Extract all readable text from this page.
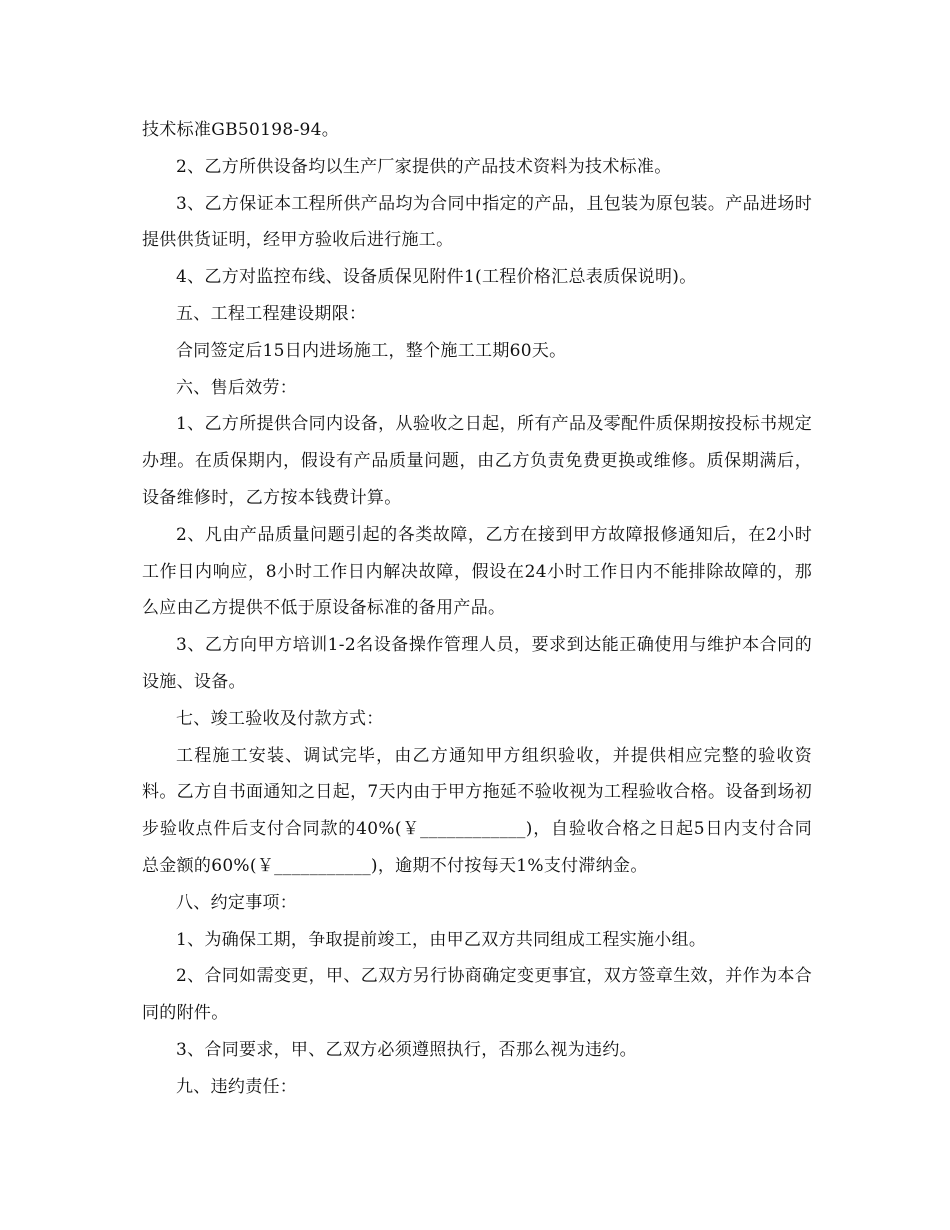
技术标准GB50198-94。

2、乙方所供设备均以生产厂家提供的产品技术资料为技术标准。

3、乙方保证本工程所供产品均为合同中指定的产品，且包装为原包装。产品进场时提供供货证明，经甲方验收后进行施工。

4、乙方对监控布线、设备质保见附件1(工程价格汇总表质保说明)。

五、工程工程建设期限：

合同签定后15日内进场施工，整个施工工期60天。

六、售后效劳：

1、乙方所提供合同内设备，从验收之日起，所有产品及零配件质保期按投标书规定办理。在质保期内，假设有产品质量问题，由乙方负责免费更换或维修。质保期满后，设备维修时，乙方按本钱费计算。

2、凡由产品质量问题引起的各类故障，乙方在接到甲方故障报修通知后，在2小时工作日内响应，8小时工作日内解决故障，假设在24小时工作日内不能排除故障的，那么应由乙方提供不低于原设备标准的备用产品。

3、乙方向甲方培训1-2名设备操作管理人员，要求到达能正确使用与维护本合同的设施、设备。

七、竣工验收及付款方式：

工程施工安装、调试完毕，由乙方通知甲方组织验收，并提供相应完整的验收资料。乙方自书面通知之日起，7天内由于甲方拖延不验收视为工程验收合格。设备到场初步验收点件后支付合同款的40%(￥____________)，自验收合格之日起5日内支付合同总金额的60%(￥___________)，逾期不付按每天1%支付滞纳金。

八、约定事项：

1、为确保工期，争取提前竣工，由甲乙双方共同组成工程实施小组。

2、合同如需变更，甲、乙双方另行协商确定变更事宜，双方签章生效，并作为本合同的附件。

3、合同要求，甲、乙双方必须遵照执行，否那么视为违约。

九、违约责任：
